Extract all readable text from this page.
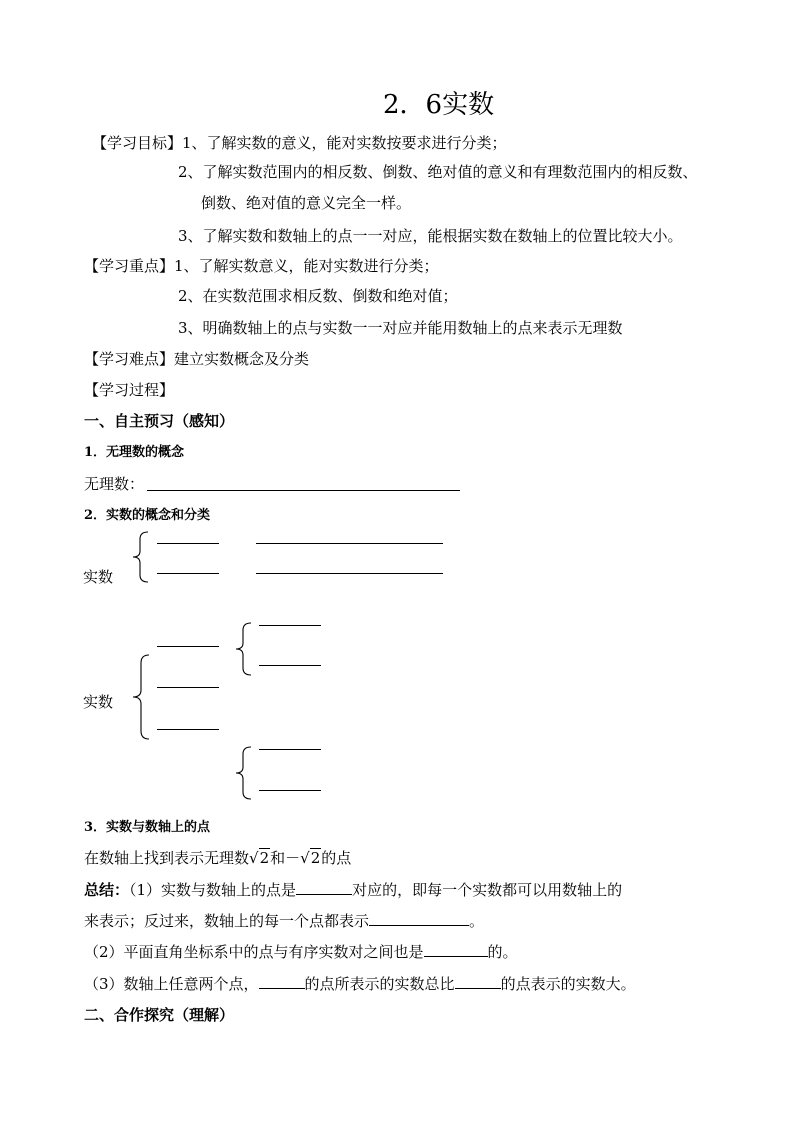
2．6实数
【学习目标】1、了解实数的意义，能对实数按要求进行分类；
2、了解实数范围内的相反数、倒数、绝对值的意义和有理数范围内的相反数、
倒数、绝对值的意义完全一样。
3、了解实数和数轴上的点一一对应，能根据实数在数轴上的位置比较大小。
【学习重点】1、了解实数意义，能对实数进行分类；
2、在实数范围求相反数、倒数和绝对值；
3、明确数轴上的点与实数一一对应并能用数轴上的点来表示无理数
【学习难点】建立实数概念及分类
【学习过程】
一、自主预习（感知）
1．无理数的概念
无理数：
2．实数的概念和分类
实数
实数
3．实数与数轴上的点
在数轴上找到表示无理数√2和－√2的点
总结：（1）实数与数轴上的点是	对应的，即每一个实数都可以用数轴上的
来表示；反过来，数轴上的每一个点都表示	。
（2）平面直角坐标系中的点与有序实数对之间也是	的。
（3）数轴上任意两个点，	的点所表示的实数总比	的点表示的实数大。
二、合作探究（理解）
